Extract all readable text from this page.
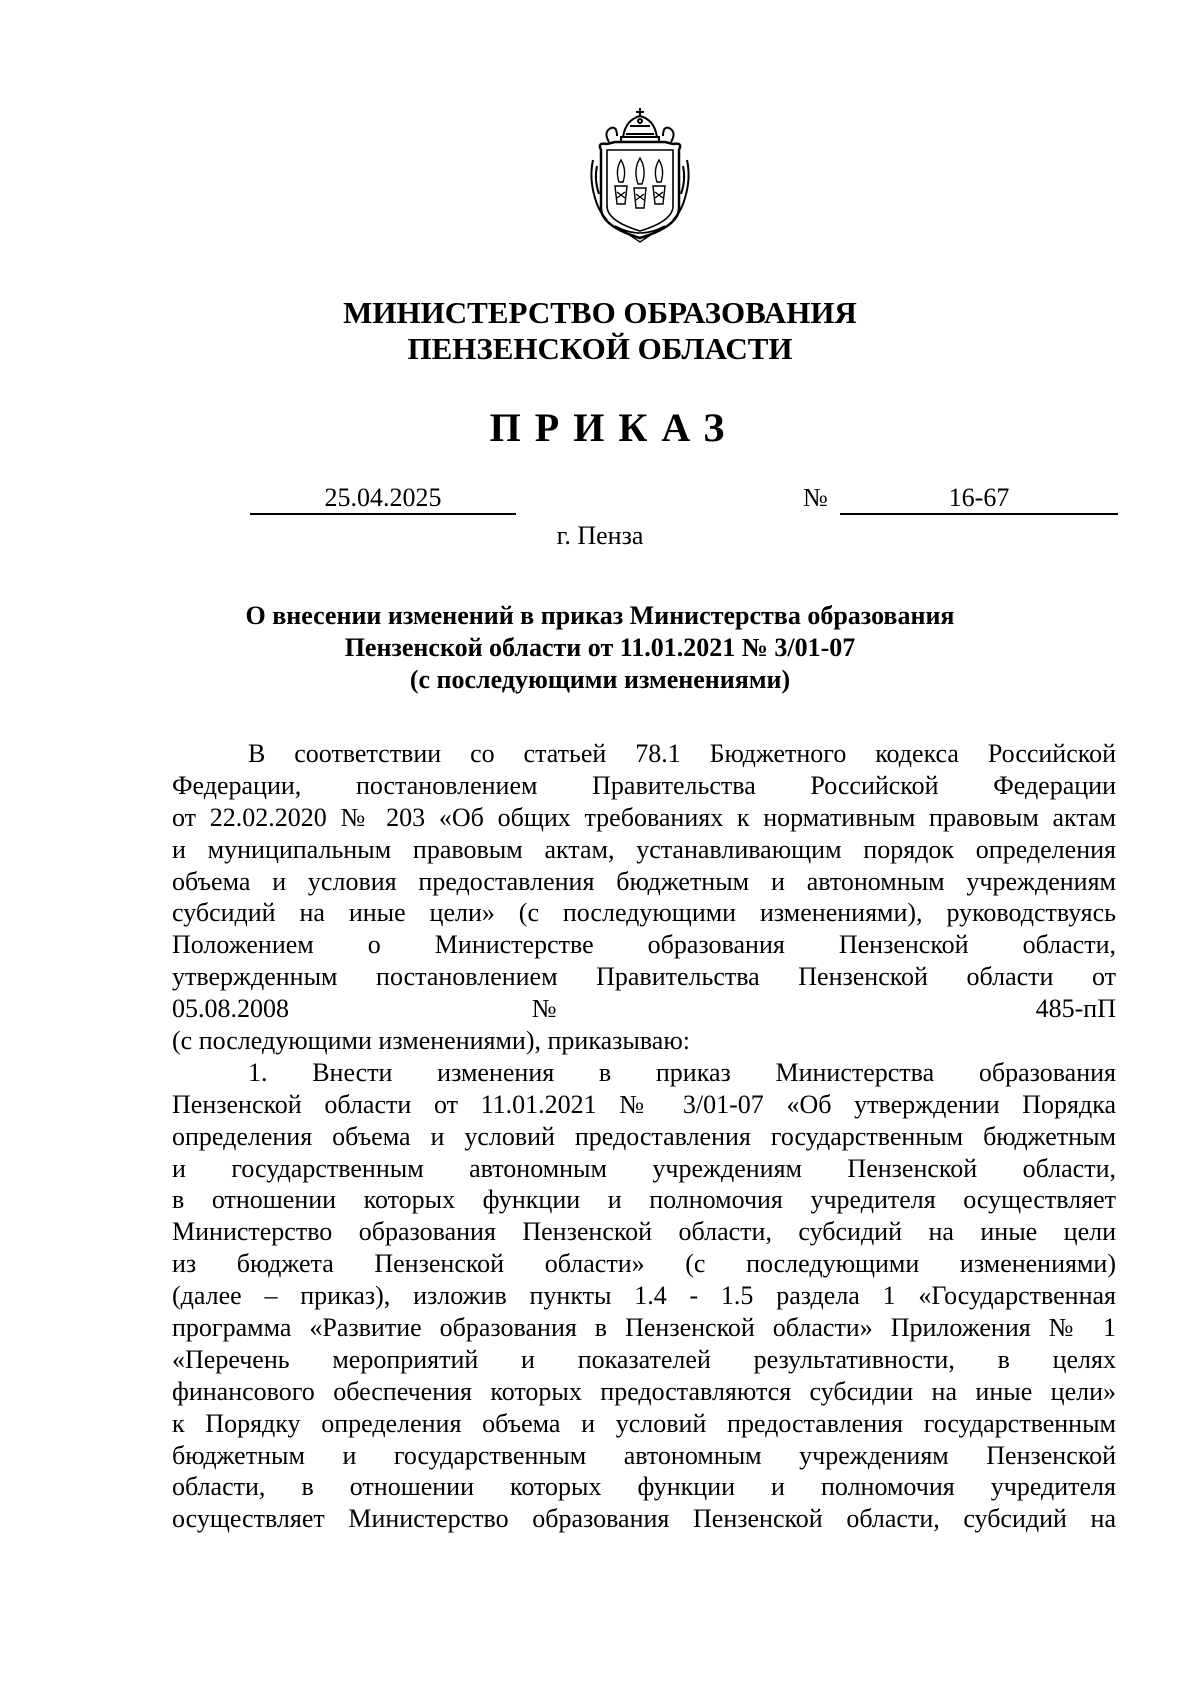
МИНИСТЕРСТВО ОБРАЗОВАНИЯ
ПЕНЗЕНСКОЙ ОБЛАСТИ
ПРИКАЗ
25.04.2025	№	16-67
г. Пенза
О внесении изменений в приказ Министерства образования
Пензенской области от 11.01.2021 № 3/01-07
(с последующими изменениями)
В соответствии со статьей 78.1 Бюджетного кодекса Российской
Федерации, постановлением Правительства Российской Федерации
от 22.02.2020 № 203 «Об общих требованиях к нормативным правовым актам
и муниципальным правовым актам, устанавливающим порядок определения
объема и условия предоставления бюджетным и автономным учреждениям
субсидий на иные цели» (с последующими изменениями), руководствуясь
Положением о Министерстве образования Пензенской области,
утвержденным постановлением Правительства Пензенской области от
05.08.2008 № 485-пП
(с последующими изменениями), приказываю:
1. Внести изменения в приказ Министерства образования
Пензенской области от 11.01.2021 № 3/01-07 «Об утверждении Порядка
определения объема и условий предоставления государственным бюджетным
и государственным автономным учреждениям Пензенской области,
в отношении которых функции и полномочия учредителя осуществляет
Министерство образования Пензенской области, субсидий на иные цели
из бюджета Пензенской области» (с последующими изменениями)
(далее – приказ), изложив пункты 1.4 - 1.5 раздела 1 «Государственная
программа «Развитие образования в Пензенской области» Приложения № 1
«Перечень мероприятий и показателей результативности, в целях
финансового обеспечения которых предоставляются субсидии на иные цели»
к Порядку определения объема и условий предоставления государственным
бюджетным и государственным автономным учреждениям Пензенской
области, в отношении которых функции и полномочия учредителя
осуществляет Министерство образования Пензенской области, субсидий на
